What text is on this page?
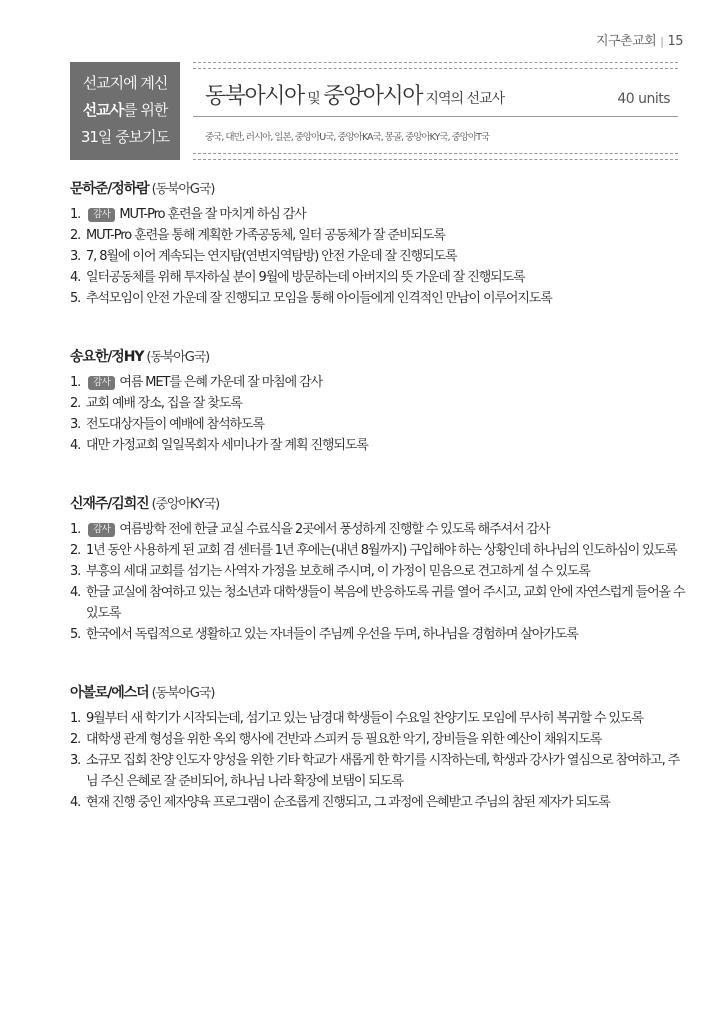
지구촌교회 | 15
선교지에 계신
선교사를 위한
31일 중보기도
동북아시아 및 중앙아시아 지역의 선교사	40 units
중국, 대만, 러시아, 일본, 중앙아U국, 중앙아KA국, 몽골, 중앙아KY국, 중앙아T국
문하준/정하람 (동북아G국)
1. 감사 MUT-Pro 훈련을 잘 마치게 하심 감사
2. MUT-Pro 훈련을 통해 계획한 가족공동체, 일터 공동체가 잘 준비되도록
3. 7, 8월에 이어 계속되는 연지탐(연변지역탐방) 안전 가운데 잘 진행되도록
4. 일터공동체를 위해 투자하실 분이 9월에 방문하는데 아버지의 뜻 가운데 잘 진행되도록
5. 추석모임이 안전 가운데 잘 진행되고 모임을 통해 아이들에게 인격적인 만남이 이루어지도록
송요한/정HY (동북아G국)
1. 감사 여름 MET를 은혜 가운데 잘 마침에 감사
2. 교회 예배 장소, 집을 잘 찾도록
3. 전도대상자들이 예배에 참석하도록
4. 대만 가정교회 일일목회자 세미나가 잘 계획 진행되도록
신재주/김희진 (중앙아KY국)
1. 감사 여름방학 전에 한글 교실 수료식을 2곳에서 풍성하게 진행할 수 있도록 해주셔서 감사
2. 1년 동안 사용하게 된 교회 겸 센터를 1년 후에는(내년 8월까지) 구입해야 하는 상황인데 하나님의 인도하심이 있도록
3. 부흥의 세대 교회를 섬기는 사역자 가정을 보호해 주시며, 이 가정이 믿음으로 견고하게 설 수 있도록
4. 한글 교실에 참여하고 있는 청소년과 대학생들이 복음에 반응하도록 귀를 열어 주시고, 교회 안에 자연스럽게 들어올 수 있도록
5. 한국에서 독립적으로 생활하고 있는 자녀들이 주님께 우선을 두며, 하나님을 경험하며 살아가도록
아볼로/에스더 (동북아G국)
1. 9월부터 새 학기가 시작되는데, 섬기고 있는 남경대 학생들이 수요일 찬양기도 모임에 무사히 복귀할 수 있도록
2. 대학생 관계 형성을 위한 옥외 행사에 건반과 스피커 등 필요한 악기, 장비들을 위한 예산이 채워지도록
3. 소규모 집회 찬양 인도자 양성을 위한 기타 학교가 새롭게 한 학기를 시작하는데, 학생과 강사가 열심으로 참여하고, 주님 주신 은혜로 잘 준비되어, 하나님 나라 확장에 보탬이 되도록
4. 현재 진행 중인 제자양육 프로그램이 순조롭게 진행되고, 그 과정에 은혜받고 주님의 참된 제자가 되도록
